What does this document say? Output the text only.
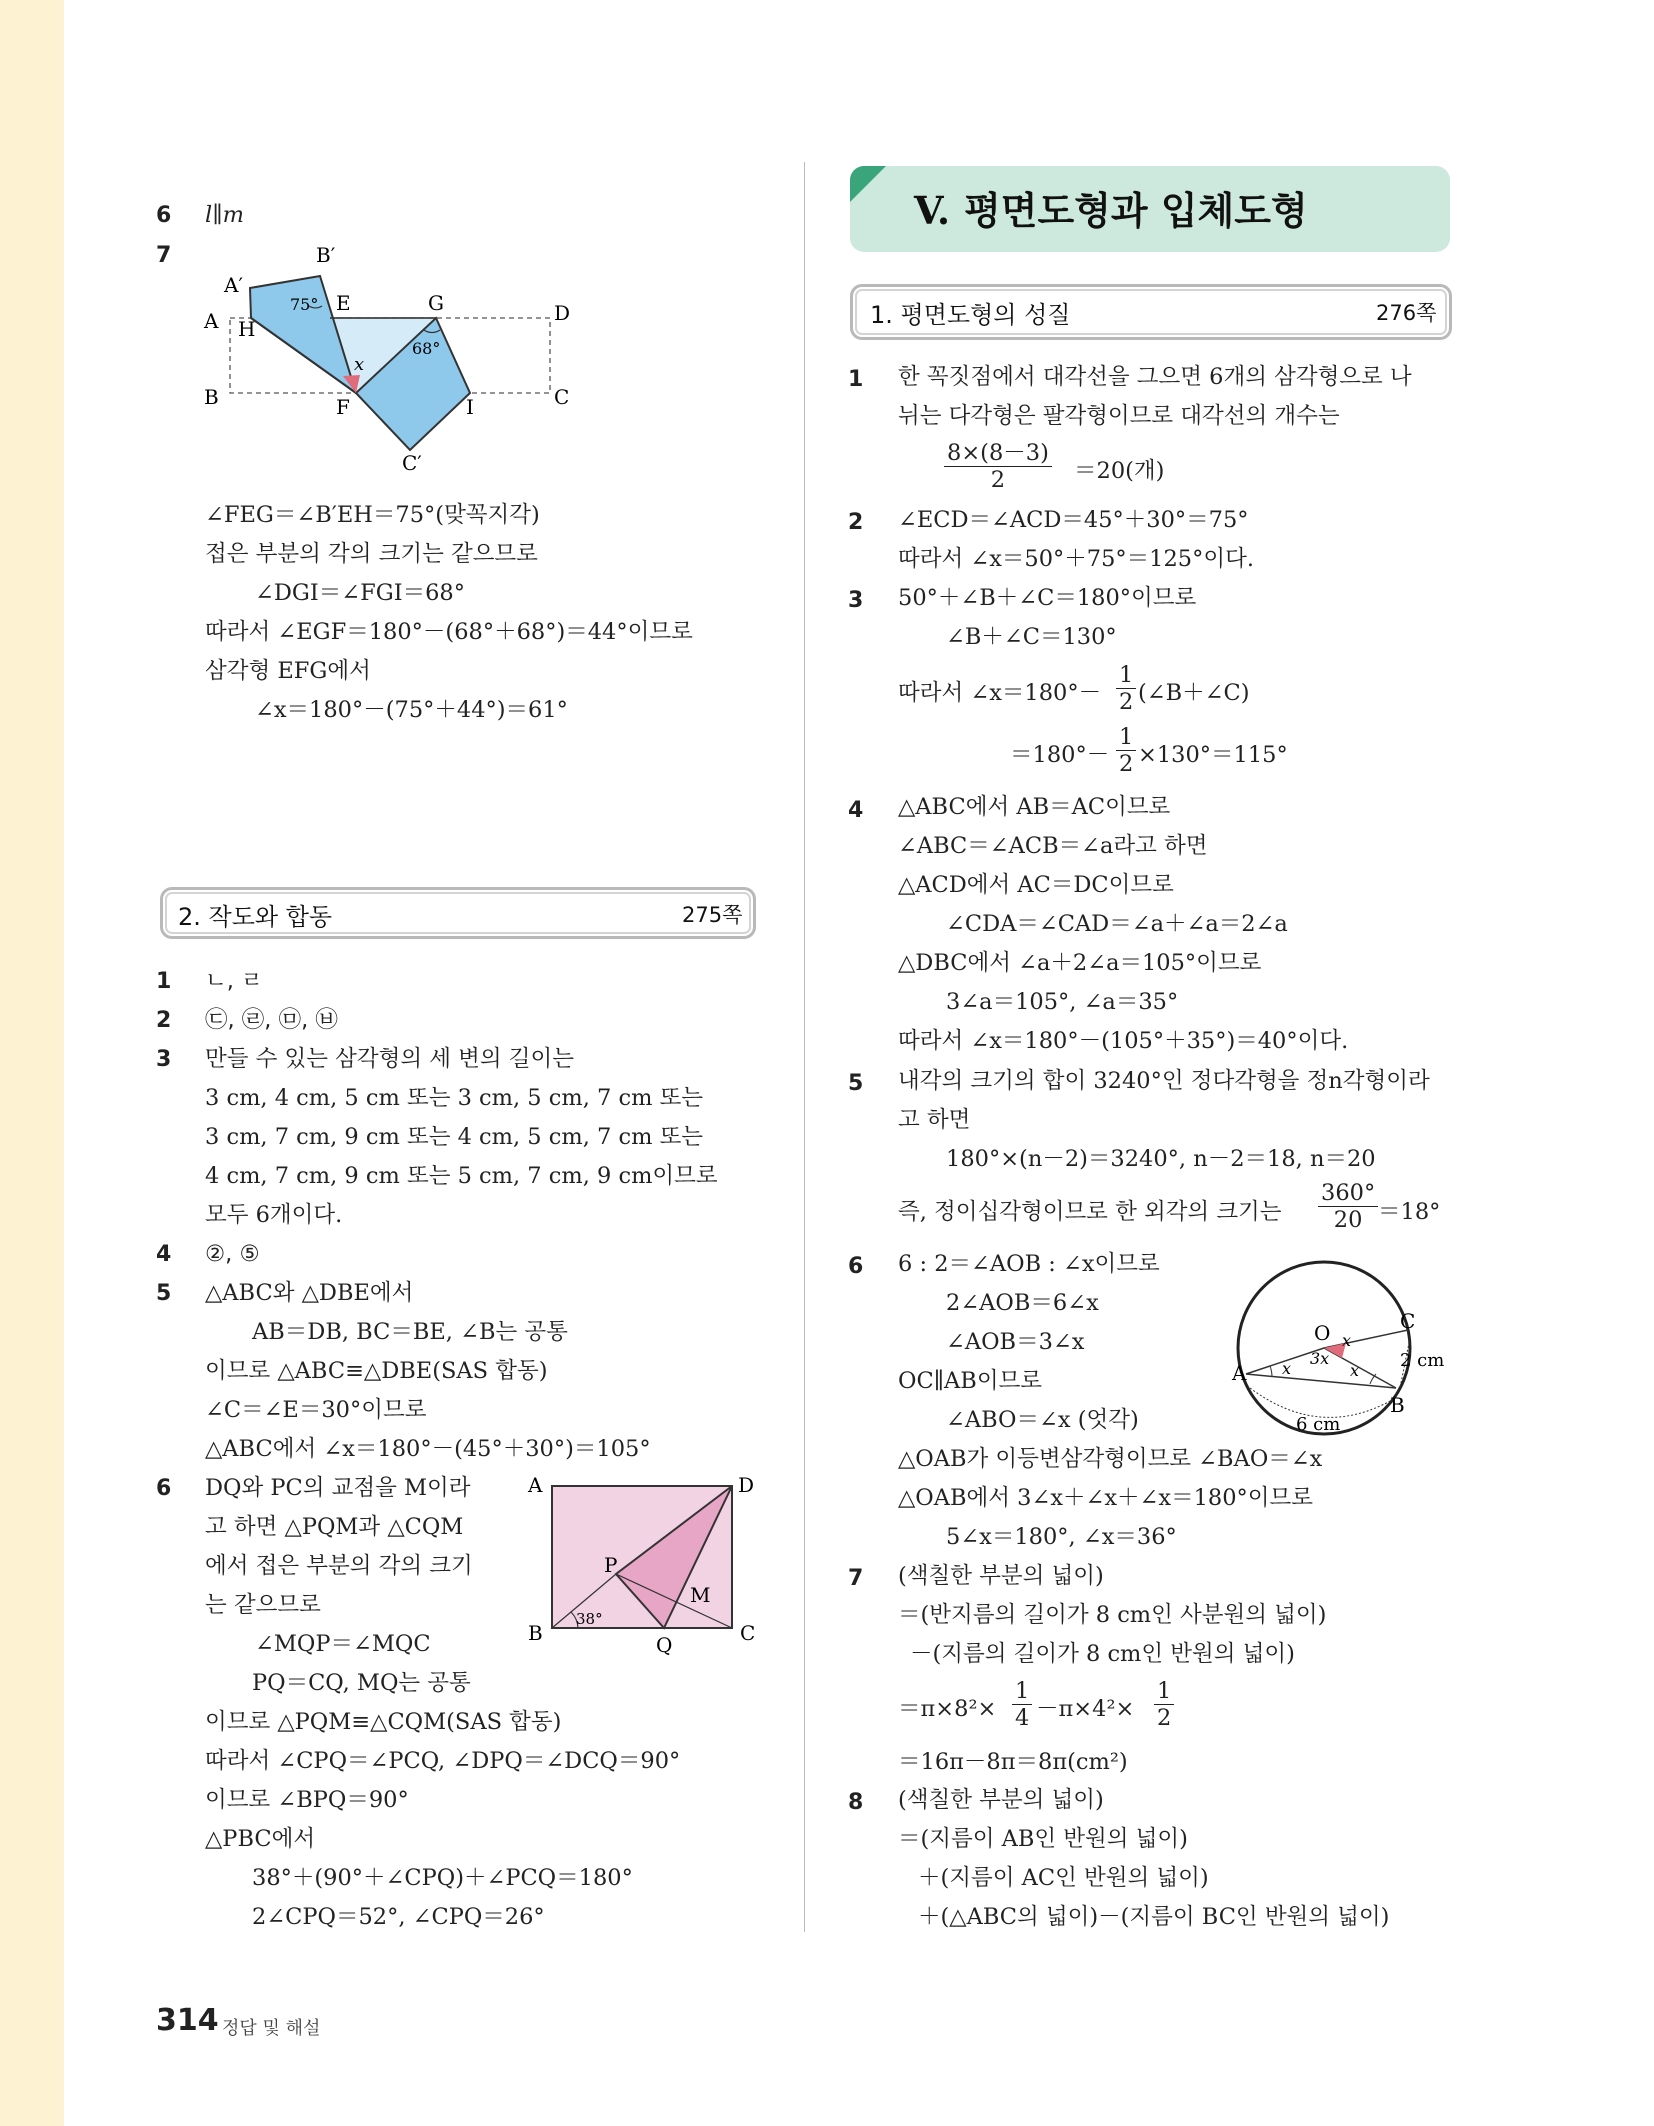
6 l∥m
7
A′
B′
C′
A
B	C
D
E
F
G
H
I
x
75°
68°
∠FEG＝∠B′EH＝75°(맞꼭지각)
접은 부분의 각의 크기는 같으므로
∠DGI＝∠FGI＝68°
따라서 ∠EGF＝180°－(68°＋68°)＝44°이므로
삼각형 EFG에서
∠x＝180°－(75°＋44°)＝61°
2. 작도와 합동	275쪽
1 ㄴ, ㄹ
2 ㉢, ㉣, ㉤, ㉥
3 만들 수 있는 삼각형의 세 변의 길이는
3 cm, 4 cm, 5 cm 또는 3 cm, 5 cm, 7 cm 또는
3 cm, 7 cm, 9 cm 또는 4 cm, 5 cm, 7 cm 또는
4 cm, 7 cm, 9 cm 또는 5 cm, 7 cm, 9 cm이므로
모두 6개이다.
4 ②, ⑤
5 △ABC와 △DBE에서
AB＝DB, BC＝BE, ∠B는 공통
이므로 △ABC≡△DBE(SAS 합동)
∠C＝∠E＝30°이므로
△ABC에서 ∠x＝180°－(45°＋30°)＝105°
6 DQ와 PC의 교점을 M이라
고 하면 △PQM과 △CQM
에서 접은 부분의 각의 크기
는 같으므로
∠MQP＝∠MQC
PQ＝CQ, MQ는 공통
이므로 △PQM≡△CQM(SAS 합동)
따라서 ∠CPQ＝∠PCQ, ∠DPQ＝∠DCQ＝90°
이므로 ∠BPQ＝90°
△PBC에서
38°＋(90°＋∠CPQ)＋∠PCQ＝180°
2∠CPQ＝52°, ∠CPQ＝26°
A
B	C
D
P
Q
M
38°
V. 평면도형과 입체도형
1. 평면도형의 성질	276쪽
1 한 꼭짓점에서 대각선을 그으면 6개의 삼각형으로 나
뉘는 다각형은 팔각형이므로 대각선의 개수는
$\frac{8\times(8-3)}{2} =20$(개)
2 ∠ECD＝∠ACD＝45°＋30°＝75°
따라서 ∠x＝50°＋75°＝125°이다.
3 50°＋∠B＋∠C＝180°이므로
∠B＋∠C＝130°
따라서 ∠x＝180°－ $\frac{1}{2}$ (∠B＋∠C)
$=180^\circ- \frac{1}{2} \times 130^\circ=115^\circ$
4 △ABC에서 AB＝AC이므로
∠ABC＝∠ACB＝∠a라고 하면
△ACD에서 AC＝DC이므로
∠CDA＝∠CAD＝∠a＋∠a＝2∠a
△DBC에서 ∠a＋2∠a＝105°이므로
3∠a＝105°, ∠a＝35°
따라서 ∠x＝180°－(105°＋35°)＝40°이다.
5 내각의 크기의 합이 3240°인 정다각형을 정n각형이라
고 하면
180°×(n－2)＝3240°, n－2＝18, n＝20
즉, 정이십각형이므로 한 외각의 크기는 $\frac{360^\circ}{20} =18^\circ$
6 6 : 2＝∠AOB : ∠x이므로
2∠AOB＝6∠x
∠AOB＝3∠x
OC∥AB이므로
∠ABO＝∠x (엇각)
△OAB가 이등변삼각형이므로 ∠BAO＝∠x
△OAB에서 3∠x＋∠x＋∠x＝180°이므로
5∠x＝180°, ∠x＝36°
O
A
B
C
x
3x
x	x 2 cm
6 cm
7 (색칠한 부분의 넓이)
＝(반지름의 길이가 8 cm인 사분원의 넓이)
－(지름의 길이가 8 cm인 반원의 넓이)
$=\pi\times 8^2\times \frac{1}{4} -\pi\times 4^2\times \frac{1}{2}$
＝16π－8π＝8π(cm²)
8 (색칠한 부분의 넓이)
＝(지름이 AB인 반원의 넓이)
＋(지름이 AC인 반원의 넓이)
＋(△ABC의 넓이)－(지름이 BC인 반원의 넓이)
314 정답 및 해설
